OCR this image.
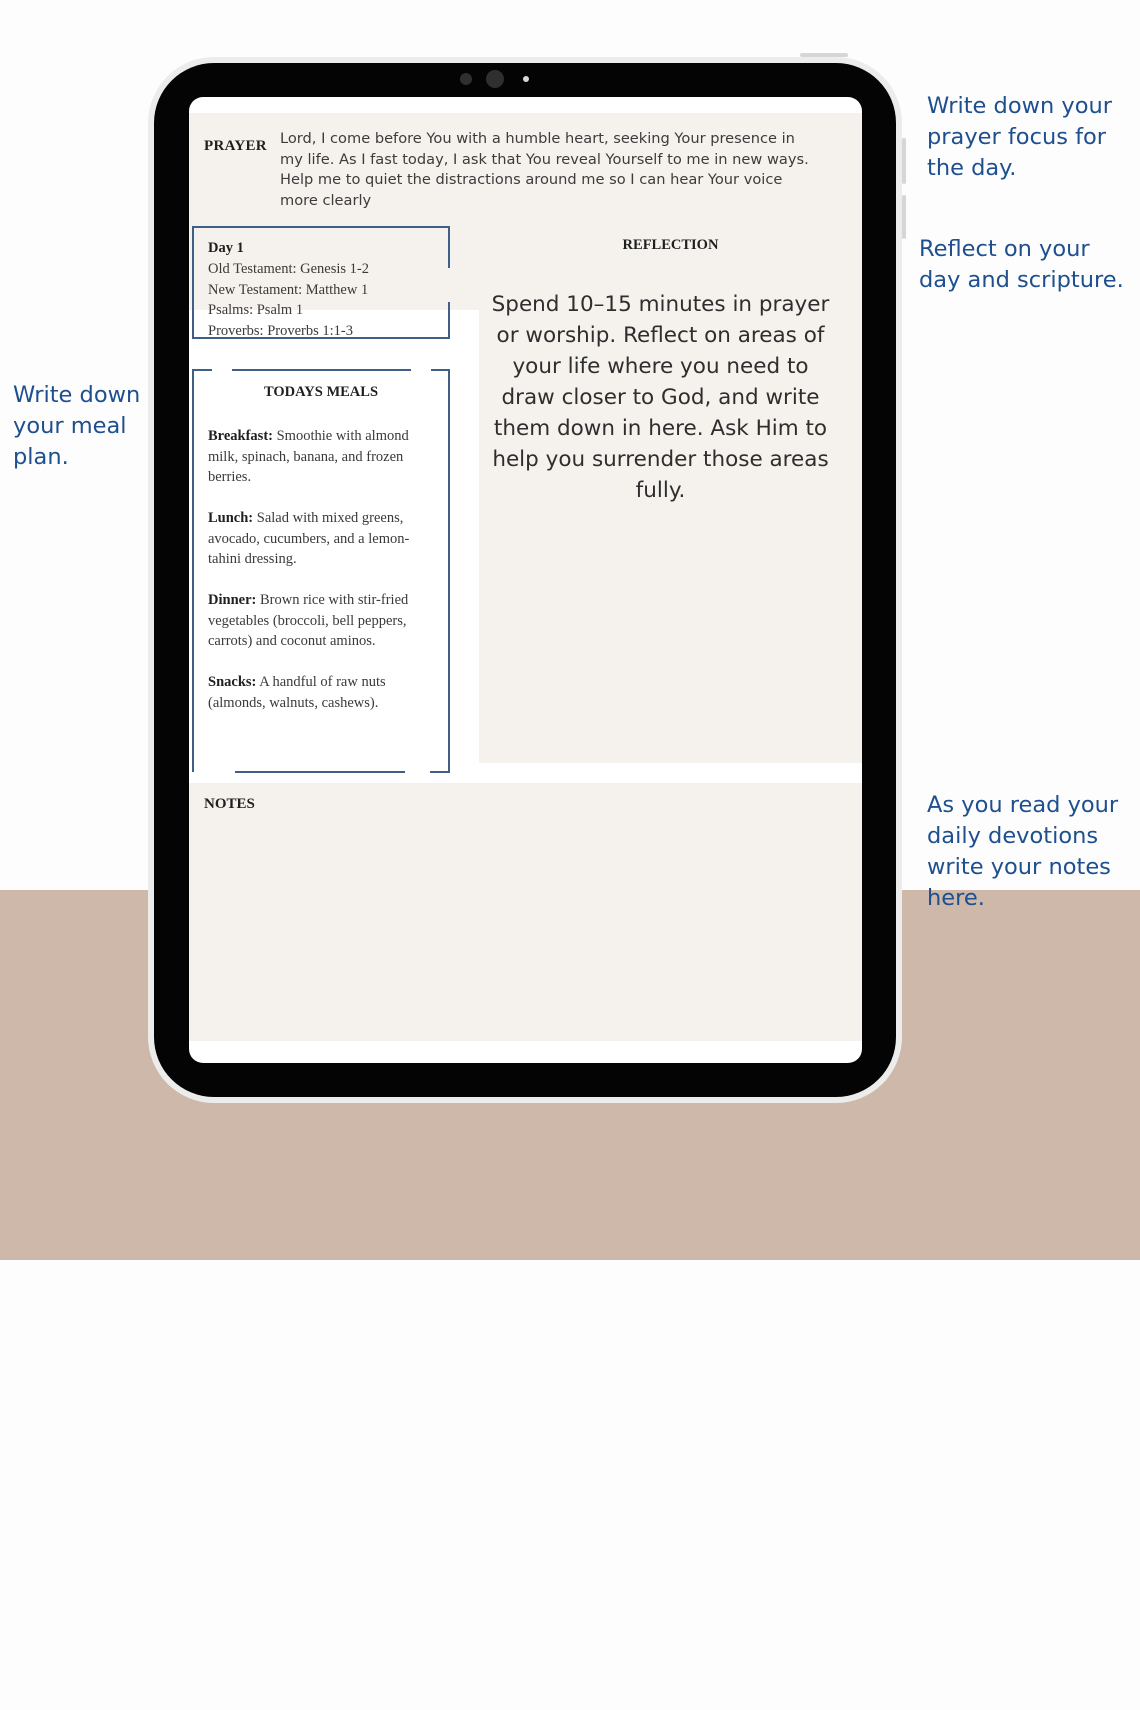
PRAYER Lord, I come before You with a humble heart, seeking Your presence in
my life. As I fast today, I ask that You reveal Yourself to me in new ways.
Help me to quiet the distractions around me so I can hear Your voice
more clearly
Day 1
Old Testament: Genesis 1-2
New Testament: Matthew 1
Psalms: Psalm 1
Proverbs: Proverbs 1:1-3
TODAYS MEALS
Breakfast: Smoothie with almond milk, spinach, banana, and frozen berries.
Lunch: Salad with mixed greens, avocado, cucumbers, and a lemon-tahini dressing.
Dinner: Brown rice with stir-fried vegetables (broccoli, bell peppers, carrots) and coconut aminos.
Snacks: A handful of raw nuts (almonds, walnuts, cashews).
REFLECTION
Spend 10–15 minutes in prayer or worship. Reflect on areas of your life where you need to draw closer to God, and write them down in here. Ask Him to help you surrender those areas fully.
NOTES
Write down your
prayer focus for
the day.
Reflect on your
day and scripture.
Write down
your meal
plan.
As you read your
daily devotions
write your notes
here.
